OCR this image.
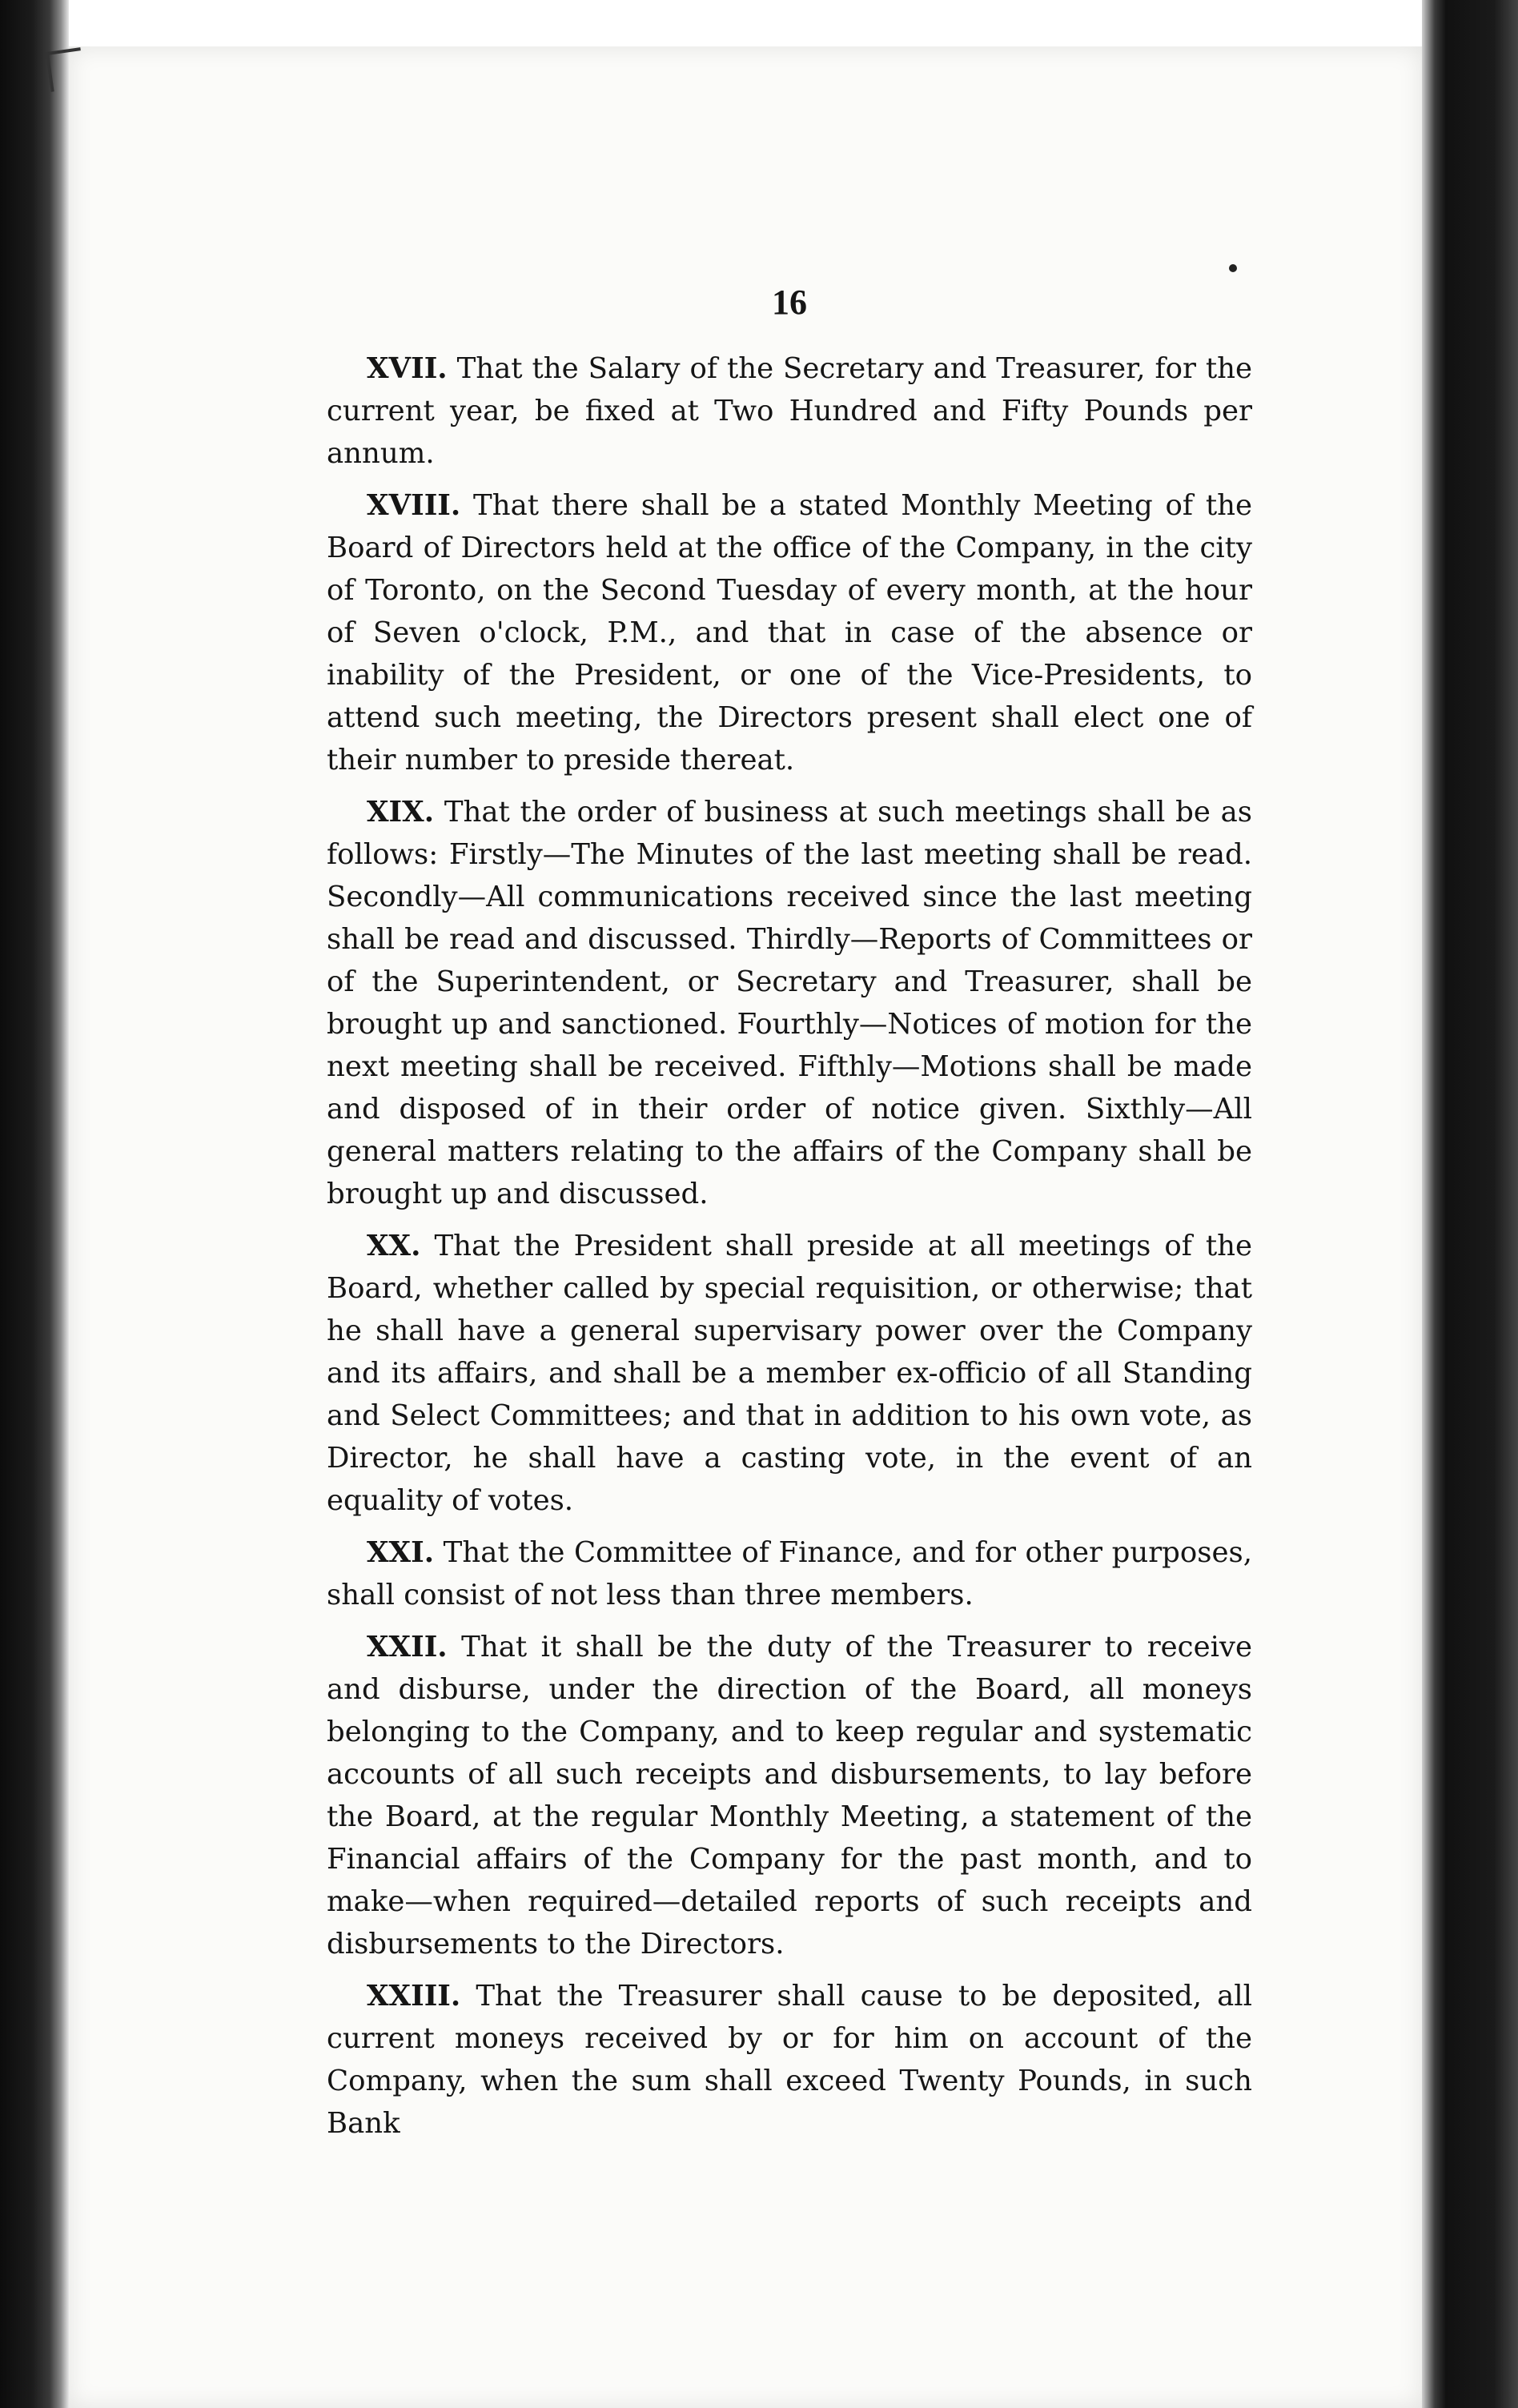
16

XVII. That the Salary of the Secretary and Treasurer, for the current year, be fixed at Two Hundred and Fifty Pounds per annum.

XVIII. That there shall be a stated Monthly Meeting of the Board of Directors held at the office of the Company, in the city of Toronto, on the Second Tuesday of every month, at the hour of Seven o'clock, P.M., and that in case of the absence or inability of the President, or one of the Vice-Presidents, to attend such meeting, the Directors present shall elect one of their number to preside thereat.

XIX. That the order of business at such meetings shall be as follows: Firstly—The Minutes of the last meeting shall be read. Secondly—All communications received since the last meeting shall be read and discussed. Thirdly—Reports of Committees or of the Superintendent, or Secretary and Treasurer, shall be brought up and sanctioned. Fourthly—Notices of motion for the next meeting shall be received. Fifthly—Motions shall be made and disposed of in their order of notice given. Sixthly—All general matters relating to the affairs of the Company shall be brought up and discussed.

XX. That the President shall preside at all meetings of the Board, whether called by special requisition, or otherwise; that he shall have a general supervisary power over the Company and its affairs, and shall be a member ex-officio of all Standing and Select Committees; and that in addition to his own vote, as Director, he shall have a casting vote, in the event of an equality of votes.

XXI. That the Committee of Finance, and for other purposes, shall consist of not less than three members.

XXII. That it shall be the duty of the Treasurer to receive and disburse, under the direction of the Board, all moneys belonging to the Company, and to keep regular and systematic accounts of all such receipts and disbursements, to lay before the Board, at the regular Monthly Meeting, a statement of the Financial affairs of the Company for the past month, and to make—when required—detailed reports of such receipts and disbursements to the Directors.

XXIII. That the Treasurer shall cause to be deposited, all current moneys received by or for him on account of the Company, when the sum shall exceed Twenty Pounds, in such Bank
